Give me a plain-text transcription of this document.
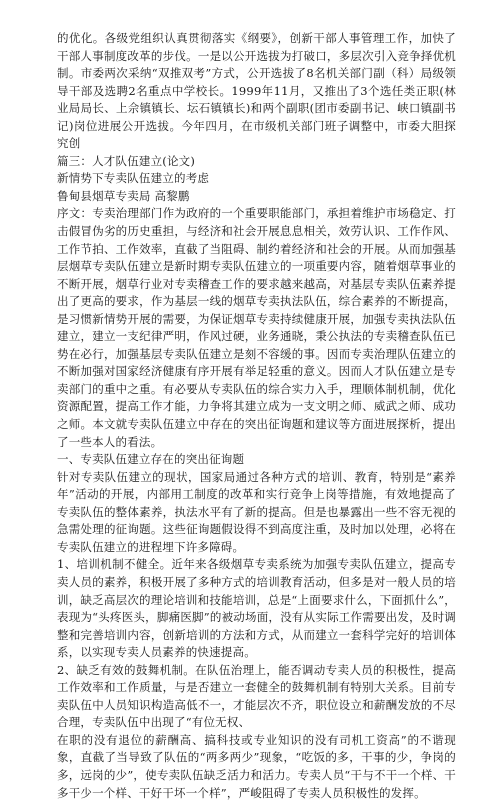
的优化。各级党组织认真贯彻落实《纲要》，创新干部人事管理工作，加快了干部人事制度改革的步伐。一是以公开选拔为打破口，多层次引入竞争择优机制。市委两次采纳“双推双考”方式，公开选拔了8名机关部门副（科）局级领导干部及选聘2名重点中学校长。1999年11月，又推出了3个选任类正职(林业局局长、上佘镇镇长、坛石镇镇长)和两个副职(团市委副书记、峡口镇副书记)岗位进展公开选拔。今年四月，在市级机关部门班子调整中，市委大胆探究创

篇三：人才队伍建立(论文)

新情势下专卖队伍建立的考虑

鲁甸县烟草专卖局 高黎鹏

序文：专卖治理部门作为政府的一个重要职能部门，承担着维护市场稳定、打击假冒伪劣的历史重担，与经济和社会开展息息相关，效劳认识、工作作风、工作节拍、工作效率，直截了当阻碍、制约着经济和社会的开展。从而加强基层烟草专卖队伍建立是新时期专卖队伍建立的一项重要内容，随着烟草事业的不断开展，烟草行业对专卖稽查工作的要求越来越高，对基层专卖队伍素养提出了更高的要求，作为基层一线的烟草专卖执法队伍，综合素养的不断提高，是习惯新情势开展的需要，为保证烟草专卖持续健康开展，加强专卖执法队伍建立，建立一支纪律严明，作风过硬，业务通晓，秉公执法的专卖稽查队伍已势在必行，加强基层专卖队伍建立是刻不容缓的事。因而专卖治理队伍建立的不断加强对国家经济健康有序开展有举足轻重的意义。因而人才队伍建立是专卖部门的重中之重。有必要从专卖队伍的综合实力入手，理顺体制机制，优化资源配置，提高工作才能，力争将其建立成为一支文明之师、威武之师、成功之师。本文就专卖队伍建立中存在的突出征询题和建议等方面进展探析，提出了一些本人的看法。

一、专卖队伍建立存在的突出征询题

针对专卖队伍建立的现状，国家局通过各种方式的培训、教育，特别是“素养年”活动的开展，内部用工制度的改革和实行竞争上岗等措施，有效地提高了专卖队伍的整体素养，执法水平有了新的提高。但是也暴露出一些不容无视的急需处理的征询题。这些征询题假设得不到高度注重，及时加以处理，必将在专卖队伍建立的进程埋下许多障碍。

1、培训机制不健全。近年来各级烟草专卖系统为加强专卖队伍建立，提高专卖人员的素养，积极开展了多种方式的培训教育活动，但多是对一般人员的培训，缺乏高层次的理论培训和技能培训，总是“上面要求什么，下面抓什么”，表现为“头疼医头，脚痛医脚”的被动场面，没有从实际工作需要出发，及时调整和完善培训内容，创新培训的方法和方式，从而建立一套科学完好的培训体系，以实现专卖人员素养的快速提高。

2、缺乏有效的鼓舞机制。在队伍治理上，能否调动专卖人员的积极性，提高工作效率和工作质量，与是否建立一套健全的鼓舞机制有特别大关系。目前专卖队伍中人员知识构造高低不一，才能层次不齐，职位设立和薪酬发放的不尽合理，专卖队伍中出现了“有位无权、

在职的没有退位的薪酬高、搞科技或专业知识的没有司机工资高”的不谐现象，直截了当导致了队伍的“两多两少”现象，“吃饭的多，干事的少，争岗的多，远岗的少”，使专卖队伍缺乏活力和活力。专卖人员“干与不干一个样、干多干少一个样、干好干坏一个样”，严峻阻碍了专卖人员积极性的发挥。
